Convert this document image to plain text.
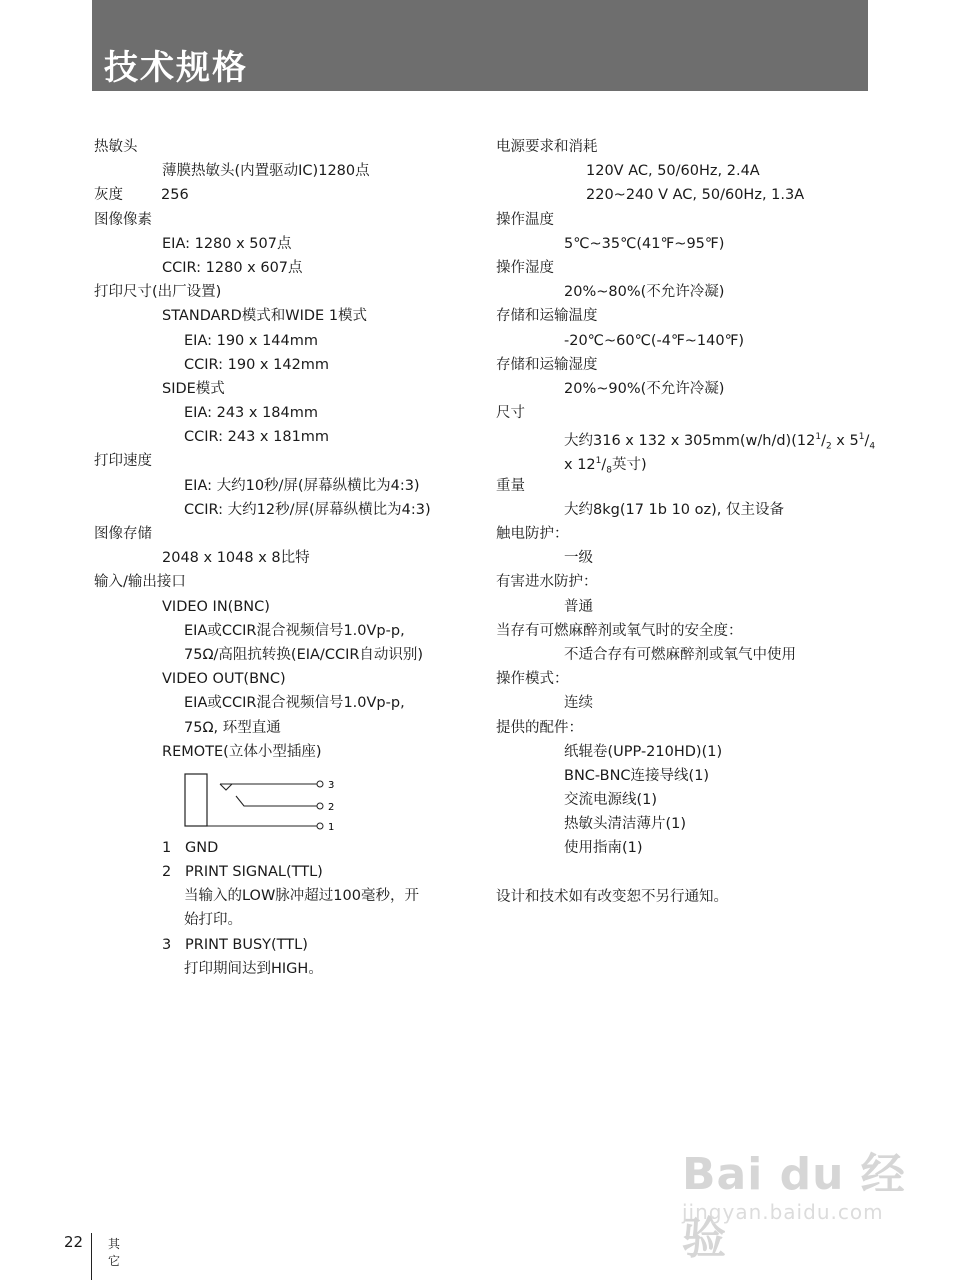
技术规格
热敏头
薄膜热敏头(内置驱动IC)1280点
灰度	256
图像像素
EIA: 1280 x 507点
CCIR: 1280 x 607点
打印尺寸(出厂设置)
STANDARD模式和WIDE 1模式
EIA: 190 x 144mm
CCIR: 190 x 142mm
SIDE模式
EIA: 243 x 184mm
CCIR: 243 x 181mm
打印速度
EIA: 大约10秒/屏(屏幕纵横比为4:3)
CCIR: 大约12秒/屏(屏幕纵横比为4:3)
图像存储
2048 x 1048 x 8比特
输入/输出接口
VIDEO IN(BNC)
EIA或CCIR混合视频信号1.0Vp-p,
75Ω/高阻抗转换(EIA/CCIR自动识别)
VIDEO OUT(BNC)
EIA或CCIR混合视频信号1.0Vp-p,
75Ω, 环型直通
REMOTE(立体小型插座)
3
2
1
1 GND
2 PRINT SIGNAL(TTL)
当输入的LOW脉冲超过100毫秒，开
始打印。
3 PRINT BUSY(TTL)
打印期间达到HIGH。
电源要求和消耗
120V AC, 50/60Hz, 2.4A
220~240 V AC, 50/60Hz, 1.3A
操作温度
5℃~35℃(41℉~95℉)
操作湿度
20%~80%(不允许冷凝)
存储和运输温度
-20℃~60℃(-4℉~140℉)
存储和运输湿度
20%~90%(不允许冷凝)
尺寸
大约316 x 132 x $305mm(w/h/d)(12^1/_2$ x $5^1/_4$
x $12^1/_8$英寸)
重量
大约8kg(17 1b 10 oz), 仅主设备
触电防护：
一级
有害进水防护：
普通
当存有可燃麻醉剂或氧气时的安全度：
不适合存有可燃麻醉剂或氧气中使用
操作模式：
连续
提供的配件：
纸辊卷(UPP-210HD)(1)
BNC-BNC连接导线(1)
交流电源线(1)
热敏头清洁薄片(1)
使用指南(1)
设计和技术如有改变恕不另行通知。
22 其它
Bai du 经验
jingyan.baidu.com
